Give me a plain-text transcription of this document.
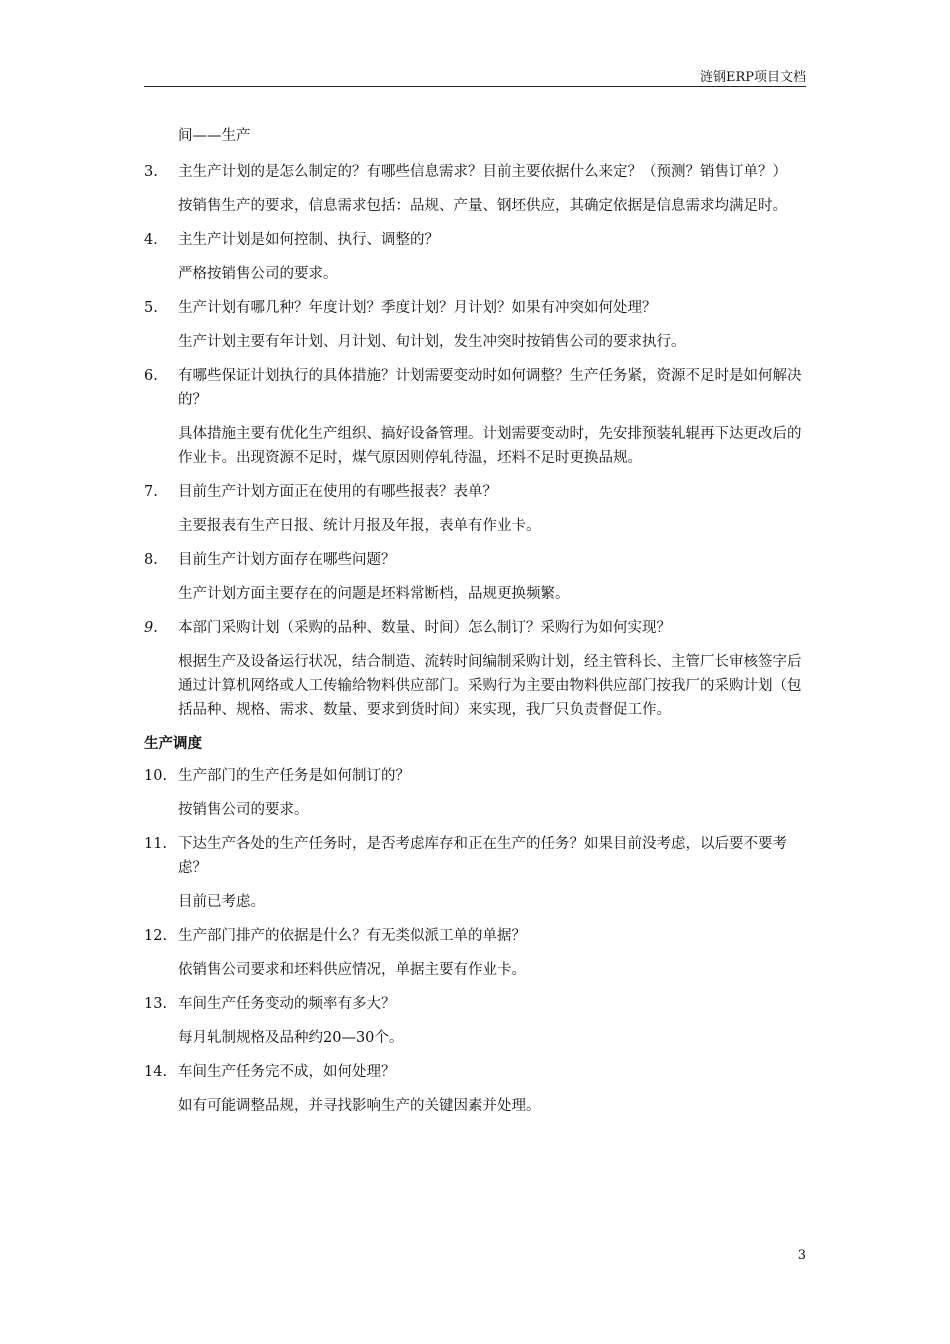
涟钢ERP项目文档
间——生产
3.	主生产计划的是怎么制定的？有哪些信息需求？目前主要依据什么来定？（预测？销售订单？）
按销售生产的要求，信息需求包括：品规、产量、钢坯供应，其确定依据是信息需求均满足时。
4.	主生产计划是如何控制、执行、调整的？
严格按销售公司的要求。
5.	生产计划有哪几种？年度计划？季度计划？月计划？如果有冲突如何处理？
生产计划主要有年计划、月计划、旬计划，发生冲突时按销售公司的要求执行。
6.	有哪些保证计划执行的具体措施？计划需要变动时如何调整？生产任务紧，资源不足时是如何解决的？
具体措施主要有优化生产组织、搞好设备管理。计划需要变动时，先安排预装轧辊再下达更改后的作业卡。出现资源不足时，煤气原因则停轧待温，坯料不足时更换品规。
7.	目前生产计划方面正在使用的有哪些报表？表单？
主要报表有生产日报、统计月报及年报，表单有作业卡。
8.	目前生产计划方面存在哪些问题？
生产计划方面主要存在的问题是坯料常断档，品规更换频繁。
9.	本部门采购计划（采购的品种、数量、时间）怎么制订？采购行为如何实现？
根据生产及设备运行状况，结合制造、流转时间编制采购计划，经主管科长、主管厂长审核签字后通过计算机网络或人工传输给物料供应部门。采购行为主要由物料供应部门按我厂的采购计划（包括品种、规格、需求、数量、要求到货时间）来实现，我厂只负责督促工作。
生产调度
10. 生产部门的生产任务是如何制订的？
按销售公司的要求。
11. 下达生产各处的生产任务时，是否考虑库存和正在生产的任务？如果目前没考虑，以后要不要考虑？
目前已考虑。
12. 生产部门排产的依据是什么？有无类似派工单的单据？
依销售公司要求和坯料供应情况，单据主要有作业卡。
13. 车间生产任务变动的频率有多大？
每月轧制规格及品种约20—30个。
14. 车间生产任务完不成，如何处理？
如有可能调整品规，并寻找影响生产的关键因素并处理。
3
